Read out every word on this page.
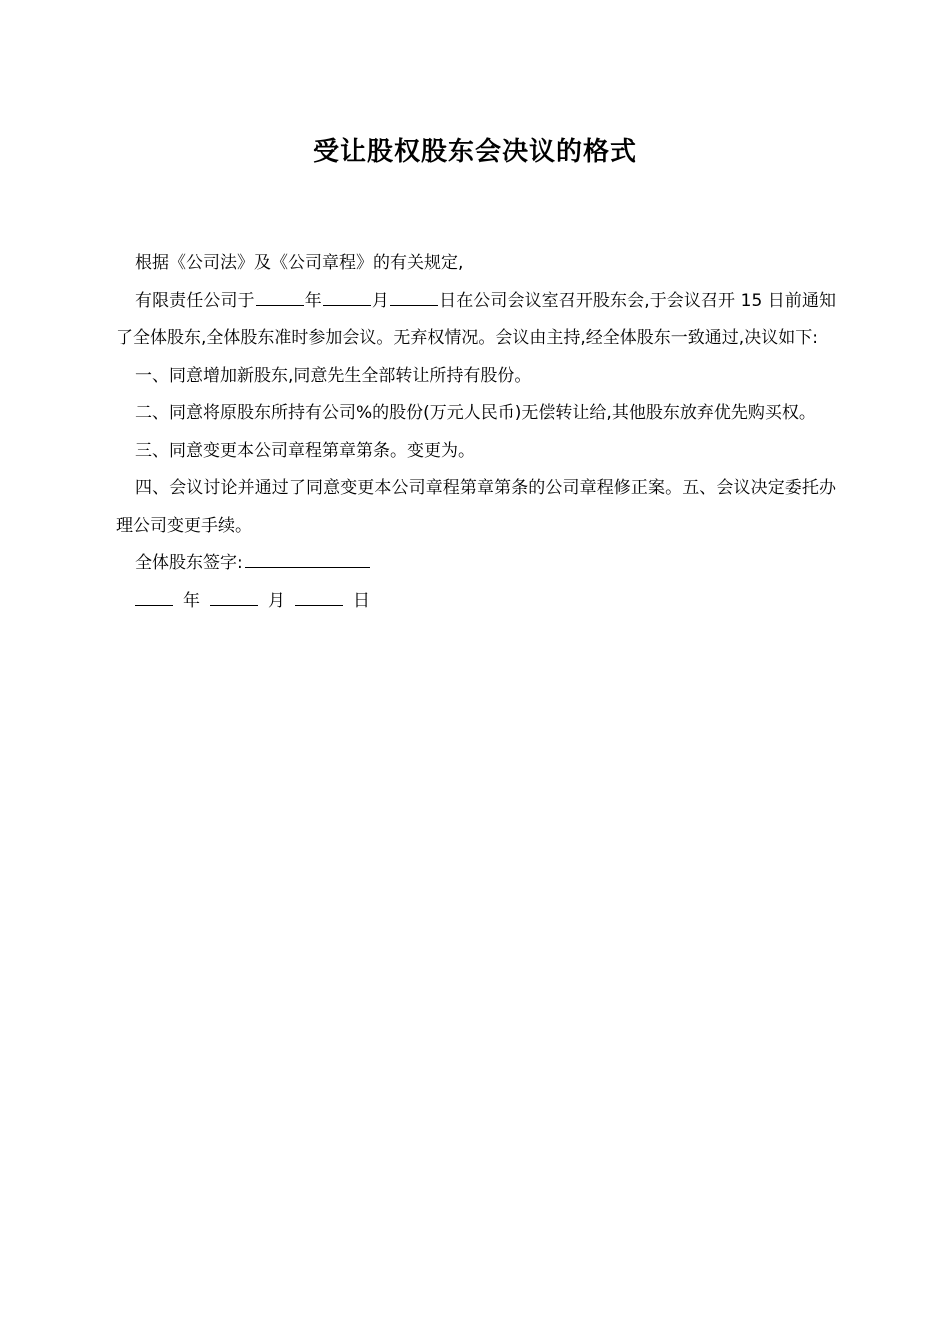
受让股权股东会决议的格式

根据《公司法》及《公司章程》的有关规定,

有限责任公司于	年	月	日在公司会议室召开股东会,于会议召开 15 日前通知了全体股东,全体股东准时参加会议。无弃权情况。会议由主持,经全体股东一致通过,决议如下:

一、同意增加新股东,同意先生全部转让所持有股份。

二、同意将原股东所持有公司%的股份(万元人民币)无偿转让给,其他股东放弃优先购买权。

三、同意变更本公司章程第章第条。变更为。

四、会议讨论并通过了同意变更本公司章程第章第条的公司章程修正案。五、会议决定委托办理公司变更手续。

全体股东签字:

年	月	日
